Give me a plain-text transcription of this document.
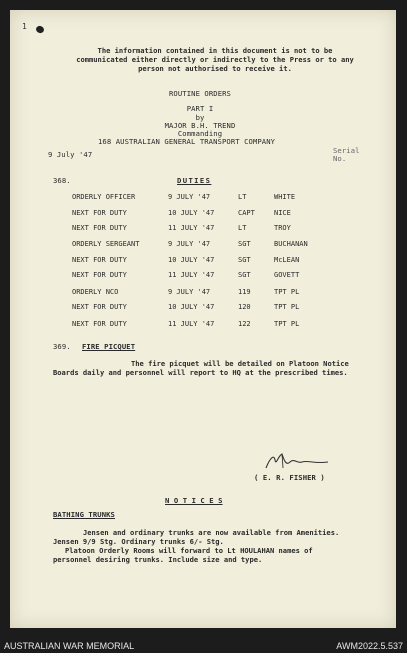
1
The information contained in this document is not to be communicated either directly or indirectly to the Press or to any person not authorised to receive it.
ROUTINE ORDERS
PART I
by
MAJOR B.H. TREND
Commanding
168 AUSTRALIAN GENERAL TRANSPORT COMPANY
9 July '47	Serial
No.
368.	DUTIES
ORDERLY OFFICER	9 JULY '47	LT	WHITE
NEXT FOR DUTY	10 JULY '47	CAPT	NICE
NEXT FOR DUTY	11 JULY '47	LT	TROY
ORDERLY SERGEANT	9 JULY '47	SGT	BUCHANAN
NEXT FOR DUTY	10 JULY '47	SGT	McLEAN
NEXT FOR DUTY	11 JULY '47	SGT	GOVETT
ORDERLY NCO	9 JULY '47	119	TPT PL
NEXT FOR DUTY	10 JULY '47	120	TPT PL
NEXT FOR DUTY	11 JULY '47	122	TPT PL
369. FIRE PICQUET
The fire picquet will be detailed on Platoon Notice Boards daily and personnel will report to HQ at the prescribed times.
( E. R. FISHER )
N O T I C E S
BATHING TRUNKS
Jensen and ordinary trunks are now available from Amenities.
Jensen 9/9 Stg. Ordinary trunks 6/- Stg.
Platoon Orderly Rooms will forward to Lt HOULAHAN names of
personnel desiring trunks. Include size and type.
AUSTRALIAN WAR MEMORIAL	AWM2022.5.537
